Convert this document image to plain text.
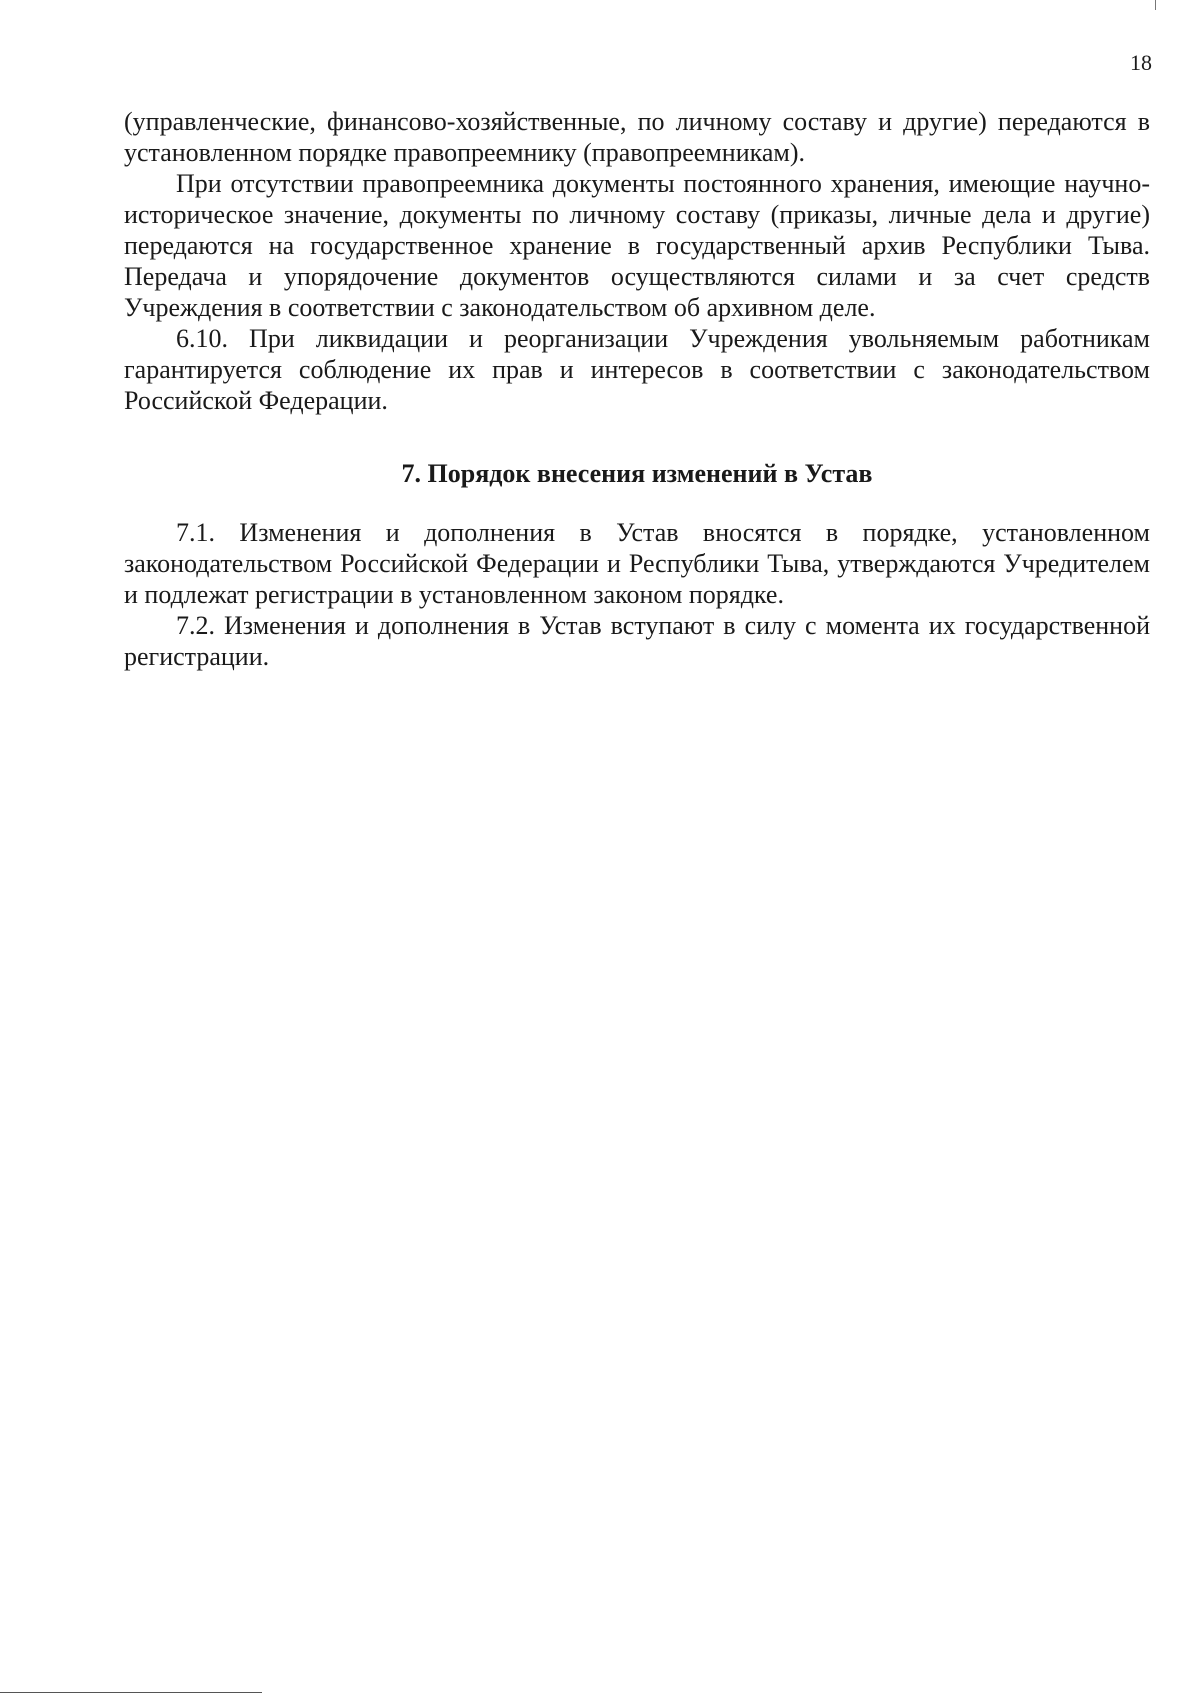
18

(управленческие, финансово-хозяйственные, по личному составу и другие) передаются в установленном порядке правопреемнику (правопреемникам).

При отсутствии правопреемника документы постоянного хранения, имеющие научно-историческое значение, документы по личному составу (приказы, личные дела и другие) передаются на государственное хранение в государственный архив Республики Тыва. Передача и упорядочение документов осуществляются силами и за счет средств Учреждения в соответствии с законодательством об архивном деле.

6.10. При ликвидации и реорганизации Учреждения увольняемым работникам гарантируется соблюдение их прав и интересов в соответствии с законодательством Российской Федерации.

7. Порядок внесения изменений в Устав

7.1. Изменения и дополнения в Устав вносятся в порядке, установленном законодательством Российской Федерации и Республики Тыва, утверждаются Учредителем и подлежат регистрации в установленном законом порядке.

7.2. Изменения и дополнения в Устав вступают в силу с момента их государственной регистрации.
